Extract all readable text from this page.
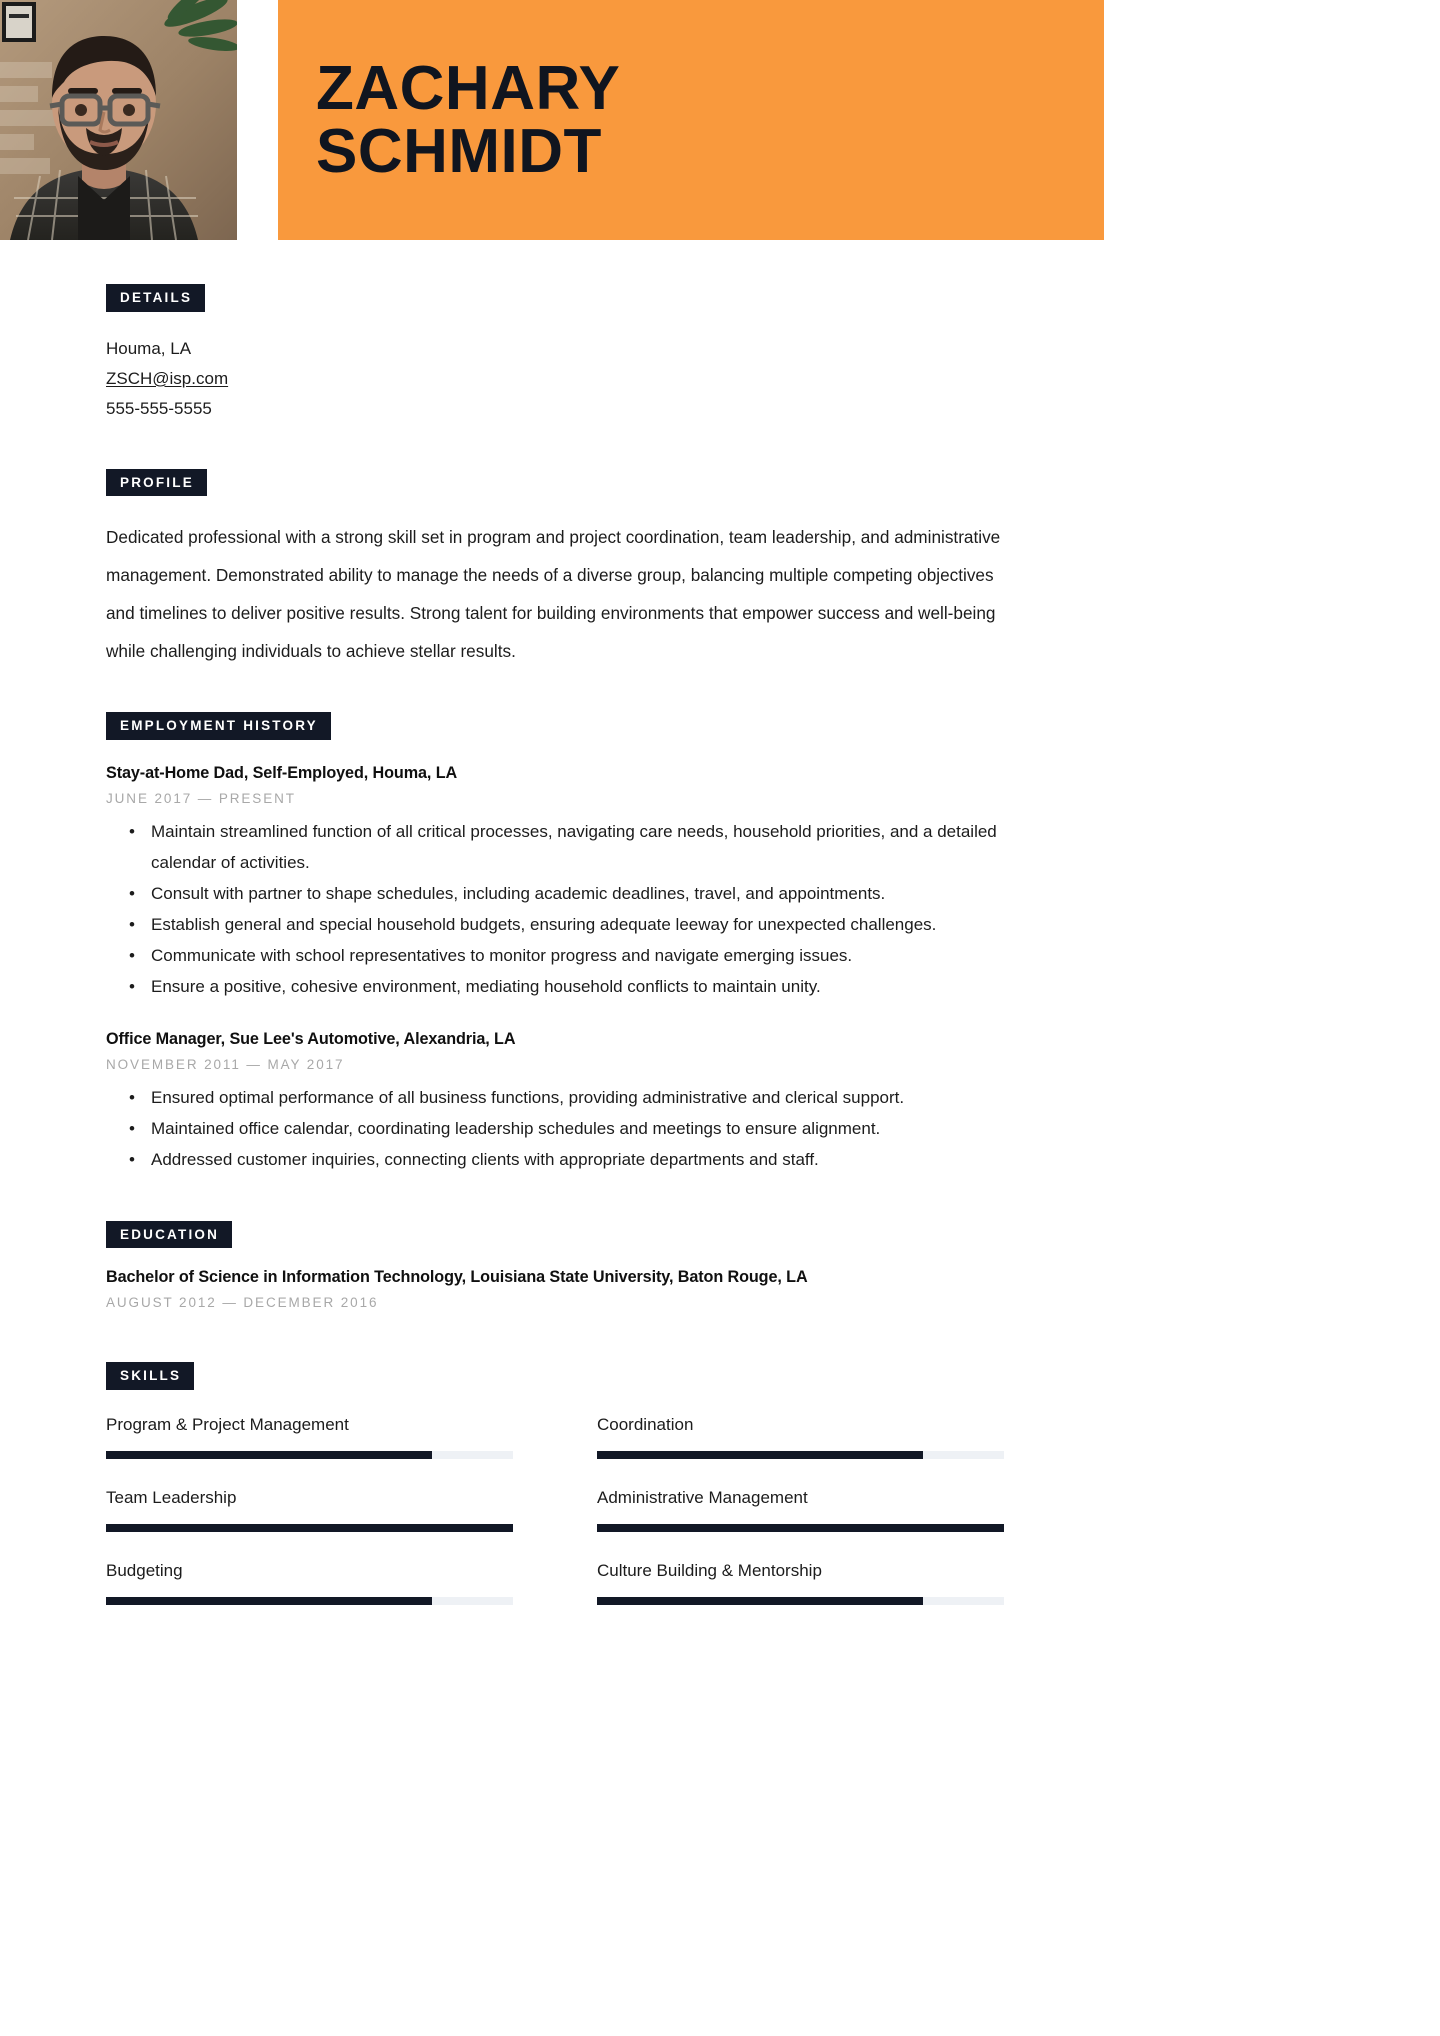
ZACHARY
SCHMIDT
DETAILS
Houma, LA
ZSCH@isp.com
555-555-5555
PROFILE
Dedicated professional with a strong skill set in program and project coordination, team leadership, and administrative management. Demonstrated ability to manage the needs of a diverse group, balancing multiple competing objectives and timelines to deliver positive results. Strong talent for building environments that empower success and well-being while challenging individuals to achieve stellar results.
EMPLOYMENT HISTORY
Stay-at-Home Dad, Self-Employed, Houma, LA
JUNE 2017 — PRESENT
• Maintain streamlined function of all critical processes, navigating care needs, household priorities, and a detailed calendar of activities.
• Consult with partner to shape schedules, including academic deadlines, travel, and appointments.
• Establish general and special household budgets, ensuring adequate leeway for unexpected challenges.
• Communicate with school representatives to monitor progress and navigate emerging issues.
• Ensure a positive, cohesive environment, mediating household conflicts to maintain unity.
Office Manager, Sue Lee's Automotive, Alexandria, LA
NOVEMBER 2011 — MAY 2017
• Ensured optimal performance of all business functions, providing administrative and clerical support.
• Maintained office calendar, coordinating leadership schedules and meetings to ensure alignment.
• Addressed customer inquiries, connecting clients with appropriate departments and staff.
EDUCATION
Bachelor of Science in Information Technology, Louisiana State University, Baton Rouge, LA
AUGUST 2012 — DECEMBER 2016
SKILLS
Program & Project Management	Coordination
Team Leadership	Administrative Management
Budgeting	Culture Building & Mentorship
